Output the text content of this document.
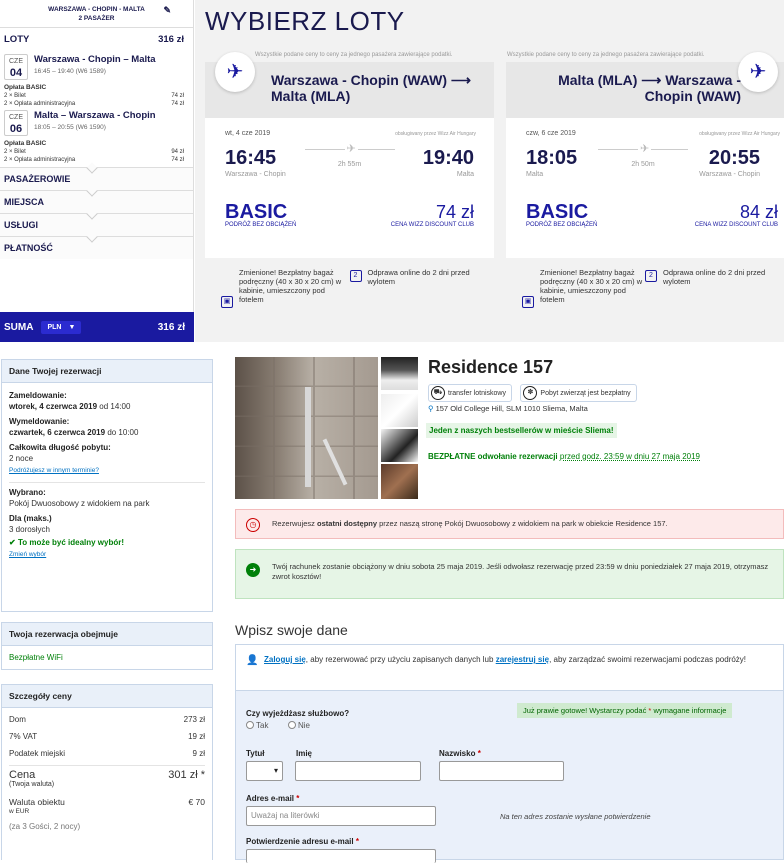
WARSZAWA - CHOPIN - MALTA
2 PASAŻER
✎
LOTY	316 zł
CZE
04
Warszawa - Chopin – Malta
16:45 – 19:40 (W6 1589)
Opłata BASIC
2 × Bilet	74 zł
2 × Opłata administracyjna	74 zł
CZE
06
Malta – Warszawa - Chopin
18:05 – 20:55 (W6 1590)
Opłata BASIC
2 × Bilet	94 zł
2 × Opłata administracyjna	74 zł
PASAŻEROWIE
MIEJSCA
USŁUGI
PŁATNOŚĆ
SUMA PLN ▼	316 zł
WYBIERZ LOTY
Wszystkie podane ceny to ceny za jednego pasażera zawierające podatki.	Wszystkie podane ceny to ceny za jednego pasażera zawierające podatki.
✈	Warszawa - Chopin (WAW) ⟶ Malta (MLA)
wt, 4 cze 2019	obsługiwany przez Wizz Air Hungary
16:45	✈
2h 55m	19:40
Warszawa - Chopin	Malta
BASIC
PODRÓŻ BEZ OBCIĄŻEŃ
74 zł
CENA WIZZ DISCOUNT CLUB
▣
Zmienione! Bezpłatny bagaż podręczny (40 x 30 x 20 cm) w kabinie, umieszczony pod fotelem
2	Odprawa online do 2 dni przed wylotem
✈
Malta (MLA) ⟶ Warszawa - Chopin (WAW)
czw, 6 cze 2019	obsługiwany przez Wizz Air Hungary
18:05	✈
2h 50m	20:55
Malta	Warszawa - Chopin
BASIC
PODRÓŻ BEZ OBCIĄŻEŃ
84 zł
CENA WIZZ DISCOUNT CLUB
▣
Zmienione! Bezpłatny bagaż podręczny (40 x 30 x 20 cm) w kabinie, umieszczony pod fotelem
2	Odprawa online do 2 dni przed wylotem
Dane Twojej rezerwacji
Zameldowanie:
wtorek, 4 czerwca 2019 od 14:00
Wymeldowanie:
czwartek, 6 czerwca 2019 do 10:00
Całkowita długość pobytu:
2 noce
Podróżujesz w innym terminie?
Wybrano:
Pokój Dwuosobowy z widokiem na park
Dla (maks.)
3 dorosłych
✔ To może być idealny wybór!
Zmień wybór
Twoja rezerwacja obejmuje
Bezpłatne WiFi
Szczegóły ceny
Dom	273 zł
7% VAT	19 zł
Podatek miejski	9 zł
Cena
(Twoja waluta)
301 zł *
Waluta obiektu
w EUR
€ 70
(za 3 Gości, 2 nocy)
Residence 157
⛟ transfer lotniskowy
	✽	Pobyt zwierząt jest bezpłatny
⚲ 157 Old College Hill, SLM 1010 Sliema, Malta
Jeden z naszych bestsellerów w mieście Sliema!
BEZPŁATNE odwołanie rezerwacji przed godz. 23:59 w dniu 27 maja 2019
◷	Rezerwujesz ostatni dostępny przez naszą stronę Pokój Dwuosobowy z widokiem na park w obiekcie Residence 157.
➜	Twój rachunek zostanie obciążony w dniu sobota 25 maja 2019. Jeśli odwołasz rezerwację przed 23:59 w dniu poniedziałek 27 maja 2019, otrzymasz zwrot kosztów!
Wpisz swoje dane
👤 Zaloguj się, aby rezerwować przy użyciu zapisanych danych lub zarejestruj się, aby zarządzać swoimi rezerwacjami podczas podróży!
Już prawie gotowe! Wystarczy podać * wymagane informacje
Czy wyjeżdżasz służbowo?
Tak	Nie
Tytuł	Imię	Nazwisko *
▾
Adres e-mail *
Uważaj na literówki	Na ten adres zostanie wysłane potwierdzenie
Potwierdzenie adresu e-mail *
